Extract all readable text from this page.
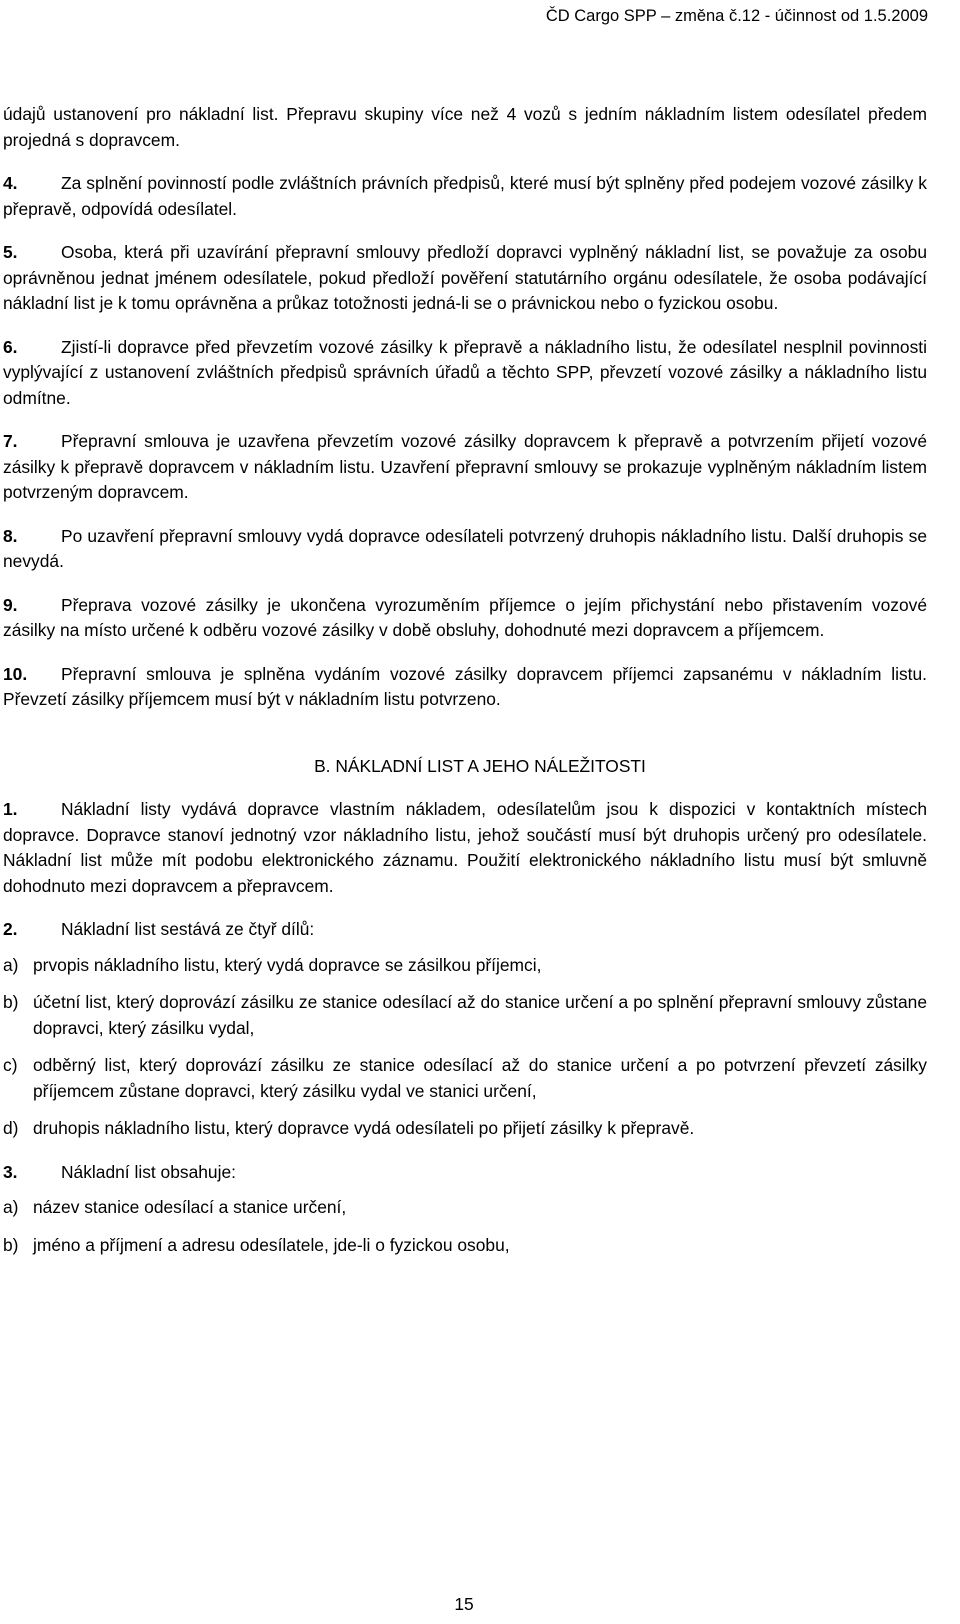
ČD Cargo SPP – změna č.12 - účinnost od 1.5.2009
údajů ustanovení pro nákladní list. Přepravu skupiny více než 4 vozů s jedním nákladním listem odesílatel předem projedná s dopravcem.
4. Za splnění povinností podle zvláštních právních předpisů, které musí být splněny před podejem vozové zásilky k přepravě, odpovídá odesílatel.
5. Osoba, která při uzavírání přepravní smlouvy předloží dopravci vyplněný nákladní list, se považuje za osobu oprávněnou jednat jménem odesílatele, pokud předloží pověření statutárního orgánu odesílatele, že osoba podávající nákladní list je k tomu oprávněna a průkaz totožnosti jedná-li se o právnickou nebo o fyzickou osobu.
6. Zjistí-li dopravce před převzetím vozové zásilky k přepravě a nákladního listu, že odesílatel nesplnil povinnosti vyplývající z ustanovení zvláštních předpisů správních úřadů a těchto SPP, převzetí vozové zásilky a nákladního listu odmítne.
7. Přepravní smlouva je uzavřena převzetím vozové zásilky dopravcem k přepravě a potvrzením přijetí vozové zásilky k přepravě dopravcem v nákladním listu. Uzavření přepravní smlouvy se prokazuje vyplněným nákladním listem potvrzeným dopravcem.
8. Po uzavření přepravní smlouvy vydá dopravce odesílateli potvrzený druhopis nákladního listu. Další druhopis se nevydá.
9. Přeprava vozové zásilky je ukončena vyrozuměním příjemce o jejím přichystání nebo přistavením vozové zásilky na místo určené k odběru vozové zásilky v době obsluhy, dohodnuté mezi dopravcem a příjemcem.
10. Přepravní smlouva je splněna vydáním vozové zásilky dopravcem příjemci zapsanému v nákladním listu. Převzetí zásilky příjemcem musí být v nákladním listu potvrzeno.
B. NÁKLADNÍ LIST A JEHO NÁLEŽITOSTI
1. Nákladní listy vydává dopravce vlastním nákladem, odesílatelům jsou k dispozici v kontaktních místech dopravce. Dopravce stanoví jednotný vzor nákladního listu, jehož součástí musí být druhopis určený pro odesílatele. Nákladní list může mít podobu elektronického záznamu. Použití elektronického nákladního listu musí být smluvně dohodnuto mezi dopravcem a přepravcem.
2. Nákladní list sestává ze čtyř dílů:
a) prvopis nákladního listu, který vydá dopravce se zásilkou příjemci,
b) účetní list, který doprovází zásilku ze stanice odesílací až do stanice určení a po splnění přepravní smlouvy zůstane dopravci, který zásilku vydal,
c) odběrný list, který doprovází zásilku ze stanice odesílací až do stanice určení a po potvrzení převzetí zásilky příjemcem zůstane dopravci, který zásilku vydal ve stanici určení,
d) druhopis nákladního listu, který dopravce vydá odesílateli po přijetí zásilky k přepravě.
3. Nákladní list obsahuje:
a) název stanice odesílací a stanice určení,
b) jméno a příjmení a adresu odesílatele, jde-li o fyzickou osobu,
15
